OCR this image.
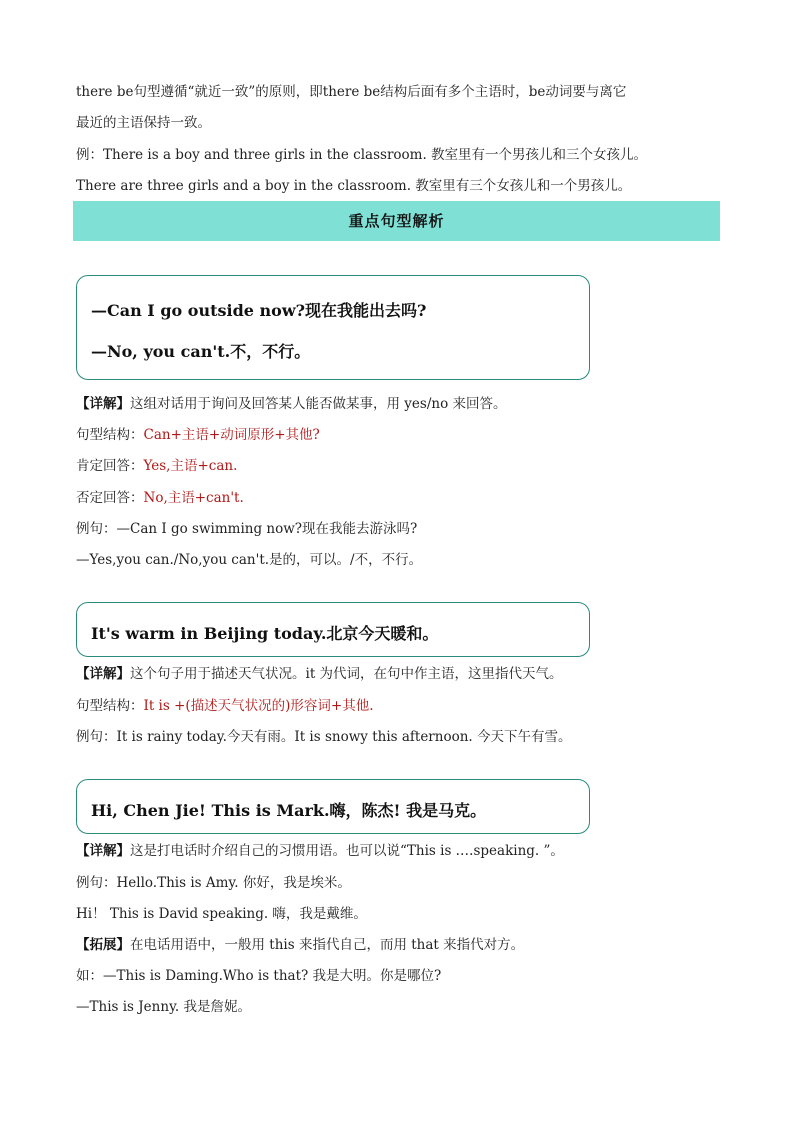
there be句型遵循“就近一致”的原则，即there be结构后面有多个主语时，be动词要与离它
最近的主语保持一致。
例：There is a boy and three girls in the classroom. 教室里有一个男孩儿和三个女孩儿。
There are three girls and a boy in the classroom. 教室里有三个女孩儿和一个男孩儿。
重点句型解析
—Can I go outside now?现在我能出去吗?
—No, you can't.不，不行。
【详解】这组对话用于询问及回答某人能否做某事，用 yes/no 来回答。
句型结构：Can+主语+动词原形+其他?
肯定回答：Yes,主语+can.
否定回答：No,主语+can't.
例句：—Can I go swimming now?现在我能去游泳吗?
—Yes,you can./No,you can't.是的，可以。/不，不行。
It's warm in Beijing today.北京今天暖和。
【详解】这个句子用于描述天气状况。it 为代词，在句中作主语，这里指代天气。
句型结构：It is +(描述天气状况的)形容词+其他.
例句：It is rainy today.今天有雨。It is snowy this afternoon. 今天下午有雪。
Hi, Chen Jie! This is Mark.嗨，陈杰! 我是马克。
【详解】这是打电话时介绍自己的习惯用语。也可以说“This is .…speaking. ”。
例句：Hello.This is Amy. 你好，我是埃米。
Hi！ This is David speaking. 嗨，我是戴维。
【拓展】在电话用语中，一般用 this 来指代自己，而用 that 来指代对方。
如：—This is Daming.Who is that? 我是大明。你是哪位?
—This is Jenny. 我是詹妮。
